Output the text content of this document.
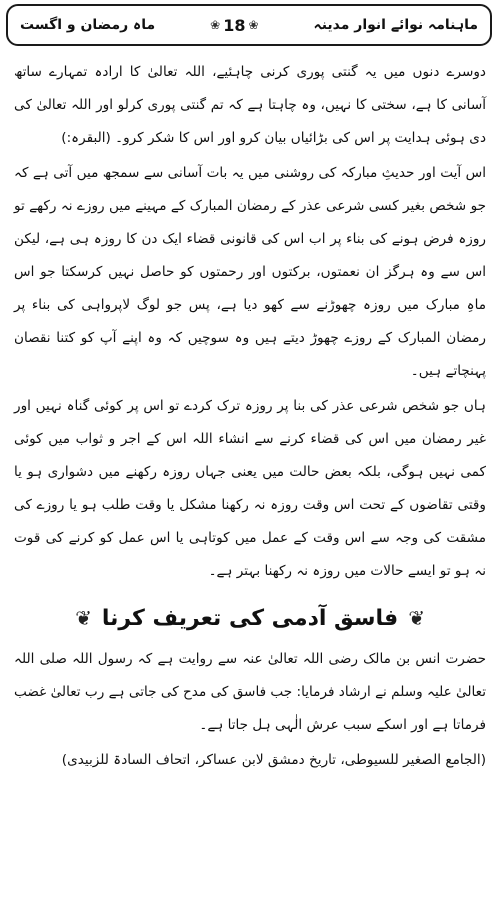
ماہنامہ نوائے انوار مدینہ
❀
18
❀
ماہ رمضان و اگست

دوسرے دنوں میں یہ گنتی پوری کرنی چاہئیے، اللہ تعالیٰ کا ارادہ تمہارے ساتھ آسانی کا ہے، سختی کا نہیں، وہ چاہتا ہے کہ تم گنتی پوری کرلو اور اللہ تعالیٰ کی دی ہوئی ہدایت پر اس کی بڑائیاں بیان کرو اور اس کا شکر کرو۔ (البقرہ:)

اس آیت اور حدیثِ مبارکہ کی روشنی میں یہ بات آسانی سے سمجھ میں آتی ہے کہ جو شخص بغیر کسی شرعی عذر کے رمضان المبارک کے مہینے میں روزے نہ رکھے تو روزہ فرض ہونے کی بناء پر اب اس کی قانونی قضاء ایک دن کا روزہ ہی ہے، لیکن اس سے وہ ہرگز ان نعمتوں، برکتوں اور رحمتوں کو حاصل نہیں کرسکتا جو اس ماہِ مبارک میں روزہ چھوڑنے سے کھو دیا ہے، پس جو لوگ لاپرواہی کی بناء پر رمضان المبارک کے روزے چھوڑ دیتے ہیں وہ سوچیں کہ وہ اپنے آپ کو کتنا نقصان پہنچاتے ہیں۔

ہاں جو شخص شرعی عذر کی بنا پر روزہ ترک کردے تو اس پر کوئی گناہ نہیں اور غیر رمضان میں اس کی قضاء کرنے سے انشاء اللہ اس کے اجر و ثواب میں کوئی کمی نہیں ہوگی، بلکہ بعض حالت میں یعنی جہاں روزہ رکھنے میں دشواری ہو یا وقتی تقاضوں کے تحت اس وقت روزہ نہ رکھنا مشکل یا وقت طلب ہو یا روزے کی مشقت کی وجہ سے اس وقت کے عمل میں کوتاہی یا اس عمل کو کرنے کی قوت نہ ہو تو ایسے حالات میں روزہ نہ رکھنا بہتر ہے۔

❦
فاسق آدمی کی تعریف کرنا
❦

حضرت انس بن مالک رضی اللہ تعالیٰ عنہ سے روایت ہے کہ رسول اللہ صلی اللہ تعالیٰ علیہ وسلم نے ارشاد فرمایا: جب فاسق کی مدح کی جاتی ہے رب تعالیٰ غضب فرماتا ہے اور اسکے سبب عرش الٰہی ہل جاتا ہے۔

(الجامع الصغیر للسیوطی، تاریخ دمشق لابن عساکر، اتحاف السادۃ للزبیدی)
